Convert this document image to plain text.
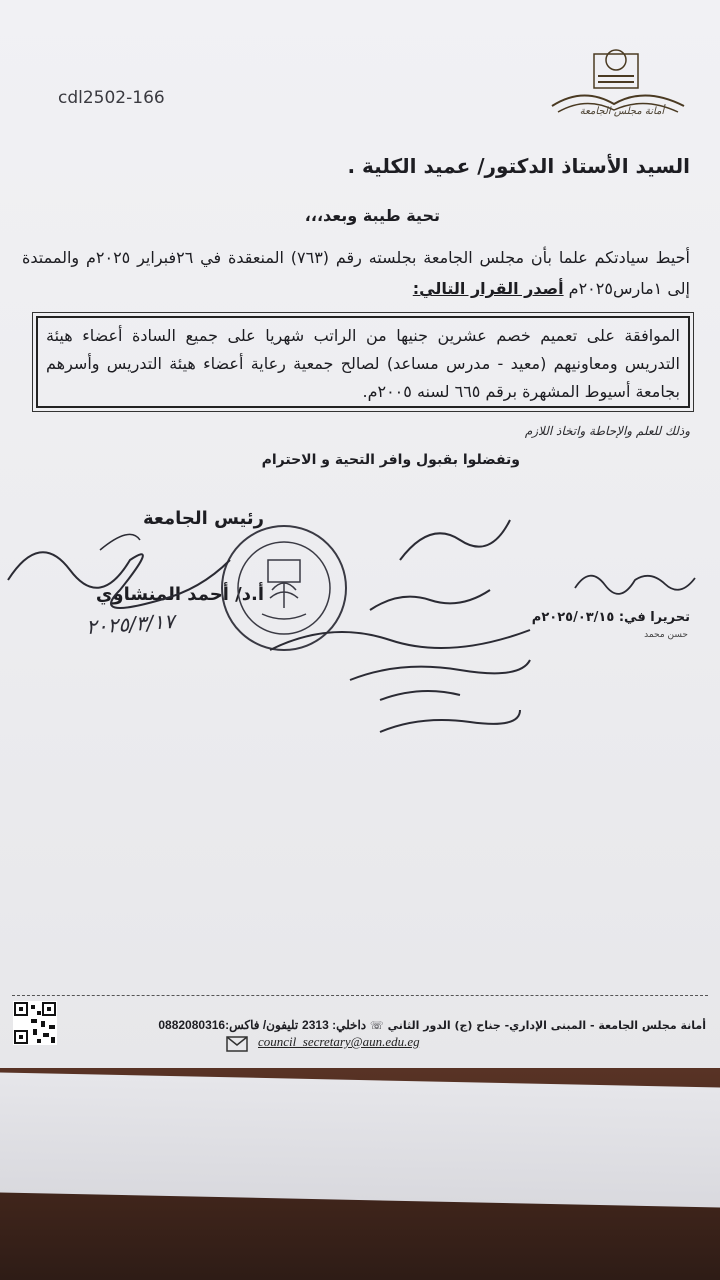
cdl2502-166
أمانة مجلس الجامعة
السيد الأستاذ الدكتور/ عميد الكلية .
تحية طيبة وبعد،،،
أحيط سيادتكم علما بأن مجلس الجامعة بجلسته رقم (٧٦٣) المنعقدة في ٢٦فبراير ٢٠٢٥م والممتدة إلى ١مارس٢٠٢٥م أصدر القرار التالي:
الموافقة على تعميم خصم عشرين جنيها من الراتب شهريا على جميع السادة أعضاء هيئة التدريس ومعاونيهم (معيد - مدرس مساعد) لصالح جمعية رعاية أعضاء هيئة التدريس وأسرهم بجامعة أسيوط المشهرة برقم ٦٦٥ لسنه ٢٠٠٥م.
وذلك للعلم والإحاطة واتخاذ اللازم
وتفضلوا بقبول وافر التحية و الاحترام
رئيس الجامعة
أ.د/ أحمد المنشاوي
٢٠٢٥/٣/١٧	تحريرا في: ٢٠٢٥/٠٣/١٥م
حسن محمد
أمانة مجلس الجامعة - المبنى الإداري- جناح (ج) الدور الثاني ☏ داخلي: 2313 تليفون/ فاكس:0882080316
council_secretary@aun.edu.eg
